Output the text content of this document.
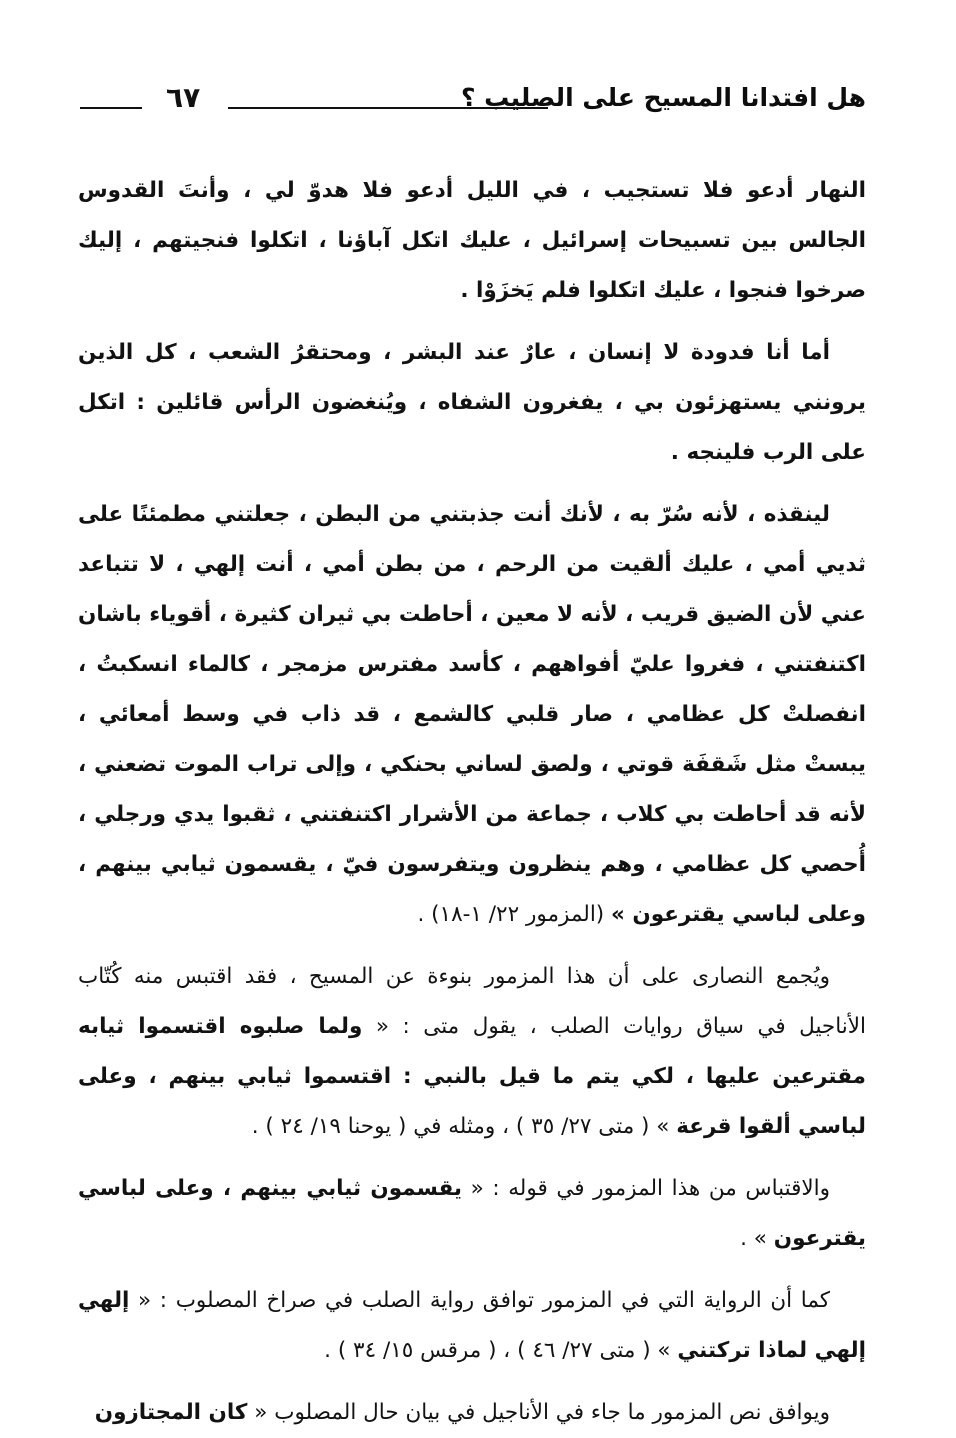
هل افتدانا المسيح على الصليب ؟
٦٧

النهار أدعو فلا تستجيب ، في الليل أدعو فلا هدوّ لي ، وأنتَ القدوس الجالس بين تسبيحات إسرائيل ، عليك اتكل آباؤنا ، اتكلوا فنجيتهم ، إليك صرخوا فنجوا ، عليك اتكلوا فلم يَخزَوْا .

أما أنا فدودة لا إنسان ، عارٌ عند البشر ، ومحتقرُ الشعب ، كل الذين يرونني يستهزئون بي ، يفغرون الشفاه ، ويُنغضون الرأس قائلين : اتكل على الرب فلينجه .

لينقذه ، لأنه سُرّ به ، لأنك أنت جذبتني من البطن ، جعلتني مطمئنًا على ثديي أمي ، عليك ألقيت من الرحم ، من بطن أمي ، أنت إلهي ، لا تتباعد عني لأن الضيق قريب ، لأنه لا معين ، أحاطت بي ثيران كثيرة ، أقوياء باشان اكتنفتني ، فغروا عليّ أفواههم ، كأسد مفترس مزمجر ، كالماء انسكبتُ ، انفصلتْ كل عظامي ، صار قلبي كالشمع ، قد ذاب في وسط أمعائي ، يبستْ مثل شَقفَة قوتي ، ولصق لساني بحنكي ، وإلى تراب الموت تضعني ، لأنه قد أحاطت بي كلاب ، جماعة من الأشرار اكتنفتني ، ثقبوا يدي ورجلي ، أُحصي كل عظامي ، وهم ينظرون ويتفرسون فيّ ، يقسمون ثيابي بينهم ، وعلى لباسي يقترعون » (المزمور ٢٢/ ١-١٨) .

ويُجمع النصارى على أن هذا المزمور بنوءة عن المسيح ، فقد اقتبس منه كُتّاب الأناجيل في سياق روايات الصلب ، يقول متى : « ولما صلبوه اقتسموا ثيابه مقترعين عليها ، لكي يتم ما قيل بالنبي : اقتسموا ثيابي بينهم ، وعلى لباسي ألقوا قرعة » ( متى ٢٧/ ٣٥ ) ، ومثله في ( يوحنا ١٩/ ٢٤ ) .

والاقتباس من هذا المزمور في قوله : « يقسمون ثيابي بينهم ، وعلى لباسي يقترعون » .

كما أن الرواية التي في المزمور توافق رواية الصلب في صراخ المصلوب : « إلهي إلهي لماذا تركتني » ( متى ٢٧/ ٤٦ ) ، ( مرقس ١٥/ ٣٤ ) .

ويوافق نص المزمور ما جاء في الأناجيل في بيان حال المصلوب « كان المجتازون
